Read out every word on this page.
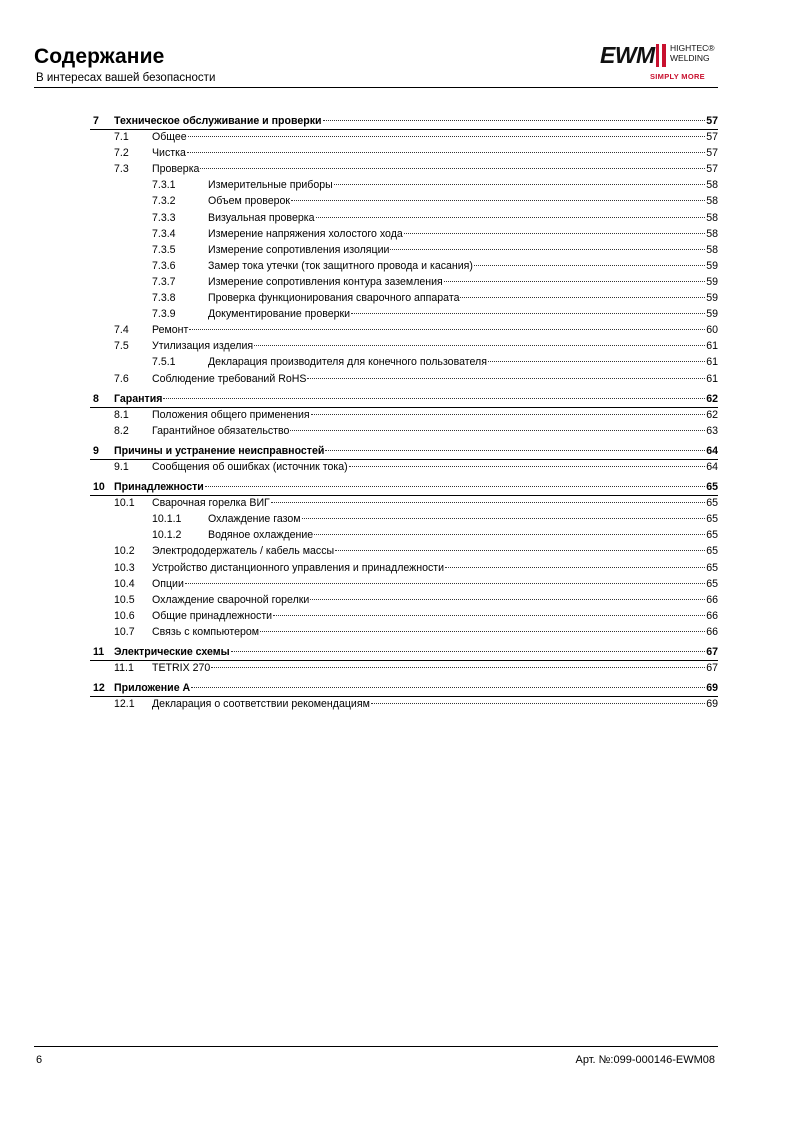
Содержание
В интересах вашей безопасности
EWM HIGHTEC®
WELDING
SIMPLY MORE
7 Техническое обслуживание и проверки	57
7.1 Общее	57
7.2 Чистка	57
7.3 Проверка	57
7.3.1	Измерительные приборы	58
7.3.2	Объем проверок	58
7.3.3	Визуальная проверка	58
7.3.4	Измерение напряжения холостого хода	58
7.3.5	Измерение сопротивления изоляции	58
7.3.6	Замер тока утечки (ток защитного провода и касания)	59
7.3.7	Измерение сопротивления контура заземления	59
7.3.8	Проверка функционирования сварочного аппарата	59
7.3.9	Документирование проверки	59
7.4 Ремонт	60
7.5 Утилизация изделия	61
7.5.1	Декларация производителя для конечного пользователя	61
7.6 Соблюдение требований RoHS	61
8 Гарантия	62
8.1 Положения общего применения	62
8.2 Гарантийное обязательство	63
9 Причины и устранение неисправностей	64
9.1 Сообщения об ошибках (источник тока)	64
10 Принадлежности	65
10.1 Сварочная горелка ВИГ	65
10.1.1	Охлаждение газом	65
10.1.2	Водяное охлаждение	65
10.2 Электрододержатель / кабель массы	65
10.3 Устройство дистанционного управления и принадлежности	65
10.4 Опции	65
10.5 Охлаждение сварочной горелки	66
10.6 Общие принадлежности	66
10.7 Связь с компьютером	66
11 Электрические схемы	67
11.1 TETRIX 270	67
12 Приложение A	69
12.1 Декларация о соответствии рекомендациям	69
6	Арт. №:099-000146-EWM08
